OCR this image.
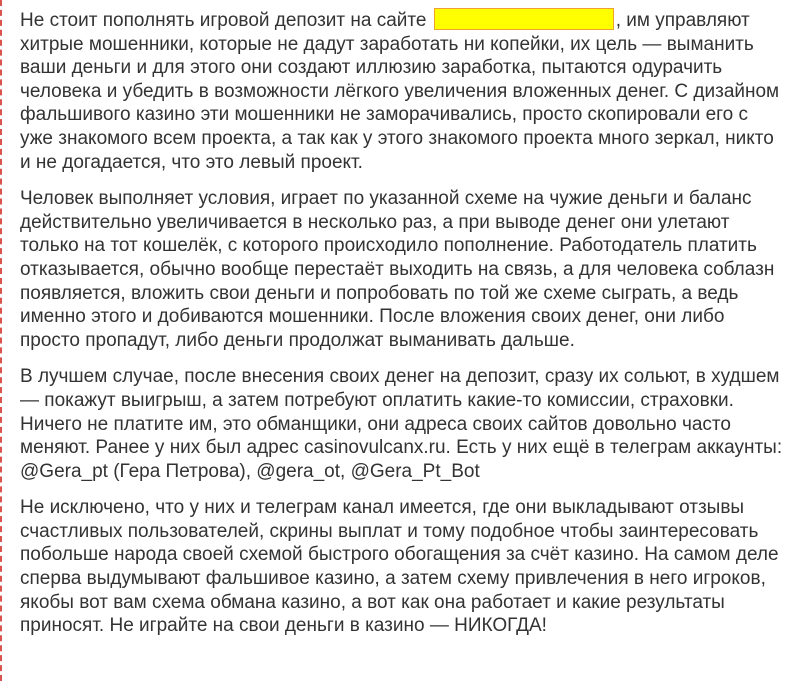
Не стоит пополнять игровой депозит на сайте	, им управляют хитрые мошенники, которые не дадут заработать ни копейки, их цель — выманить ваши деньги и для этого они создают иллюзию заработка, пытаются одурачить человека и убедить в возможности лёгкого увеличения вложенных денег. С дизайном фальшивого казино эти мошенники не заморачивались, просто скопировали его с уже знакомого всем проекта, а так как у этого знакомого проекта много зеркал, никто и не догадается, что это левый проект.

Человек выполняет условия, играет по указанной схеме на чужие деньги и баланс действительно увеличивается в несколько раз, а при выводе денег они улетают только на тот кошелёк, с которого происходило пополнение. Работодатель платить отказывается, обычно вообще перестаёт выходить на связь, а для человека соблазн появляется, вложить свои деньги и попробовать по той же схеме сыграть, а ведь именно этого и добиваются мошенники. После вложения своих денег, они либо просто пропадут, либо деньги продолжат выманивать дальше.

В лучшем случае, после внесения своих денег на депозит, сразу их сольют, в худшем — покажут выигрыш, а затем потребуют оплатить какие-то комиссии, страховки. Ничего не платите им, это обманщики, они адреса своих сайтов довольно часто меняют. Ранее у них был адрес casinovulcanx.ru. Есть у них ещё в телеграм аккаунты: @Gera_pt (Гера Петрова), @gera_ot, @Gera_Pt_Bot

Не исключено, что у них и телеграм канал имеется, где они выкладывают отзывы счастливых пользователей, скрины выплат и тому подобное чтобы заинтересовать побольше народа своей схемой быстрого обогащения за счёт казино. На самом деле сперва выдумывают фальшивое казино, а затем схему привлечения в него игроков, якобы вот вам схема обмана казино, а вот как она работает и какие результаты приносят. Не играйте на свои деньги в казино — НИКОГДА!
